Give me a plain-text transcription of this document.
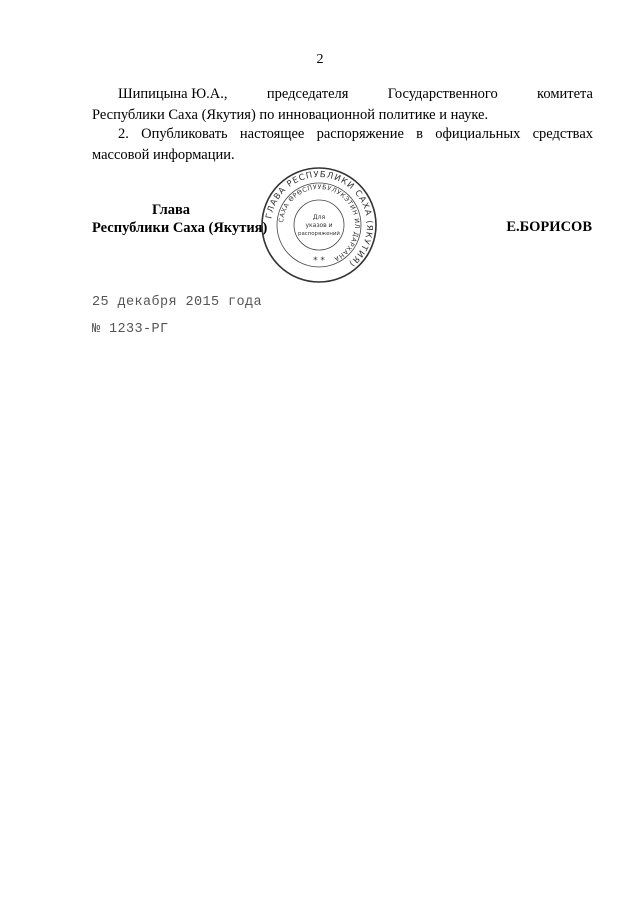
2
Шипицына Ю.А.,	председателя	Государственного	комитета
Республики Саха (Якутия) по инновационной политике и науке.
2. Опубликовать настоящее распоряжение в официальных средствах массовой информации.
Глава
Республики Саха (Якутия)	Е.БОРИСОВ
ГЛАВА РЕСПУБЛИКИ САХА (ЯКУТИЯ)
САХА ӨРӨСПУУБУЛУКЭТИН ИЛ ДАРХАНА
Для
указов и
распоряжений
* *
25 декабря 2015 года
№ 1233-РГ
